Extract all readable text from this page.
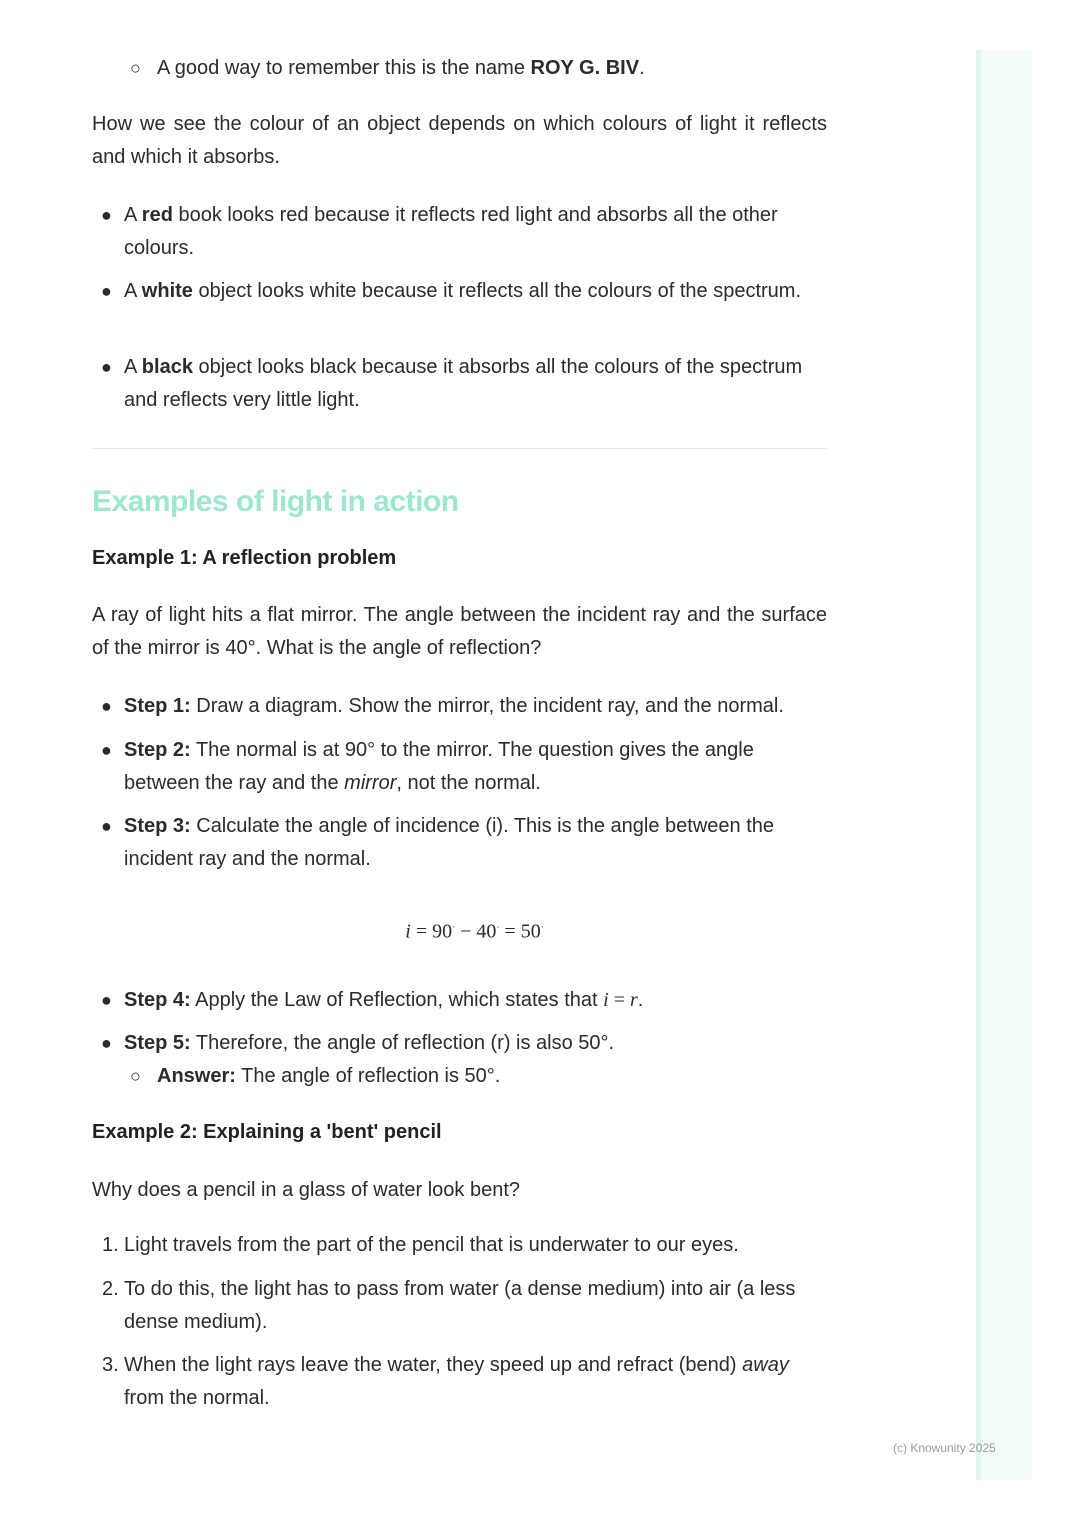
○ A good way to remember this is the name ROY G. BIV.

How we see the colour of an object depends on which colours of light it reflects and which it absorbs.

● A red book looks red because it reflects red light and absorbs all the other colours.
● A white object looks white because it reflects all the colours of the spectrum.
● A black object looks black because it absorbs all the colours of the spectrum and reflects very little light.
Examples of light in action
Example 1: A reflection problem

A ray of light hits a flat mirror. The angle between the incident ray and the surface of the mirror is 40°. What is the angle of reflection?

● Step 1: Draw a diagram. Show the mirror, the incident ray, and the normal.
● Step 2: The normal is at 90° to the mirror. The question gives the angle between the ray and the mirror, not the normal.
● Step 3: Calculate the angle of incidence (i). This is the angle between the incident ray and the normal.
i = 90· − 40· = 50·
● Step 4: Apply the Law of Reflection, which states that i = r.
● Step 5: Therefore, the angle of reflection (r) is also 50°.
○ Answer: The angle of reflection is 50°.
Example 2: Explaining a 'bent' pencil

Why does a pencil in a glass of water look bent?

1. Light travels from the part of the pencil that is underwater to our eyes.
2. To do this, the light has to pass from water (a dense medium) into air (a less dense medium).
3. When the light rays leave the water, they speed up and refract (bend) away from the normal.
(c) Knowunity 2025
